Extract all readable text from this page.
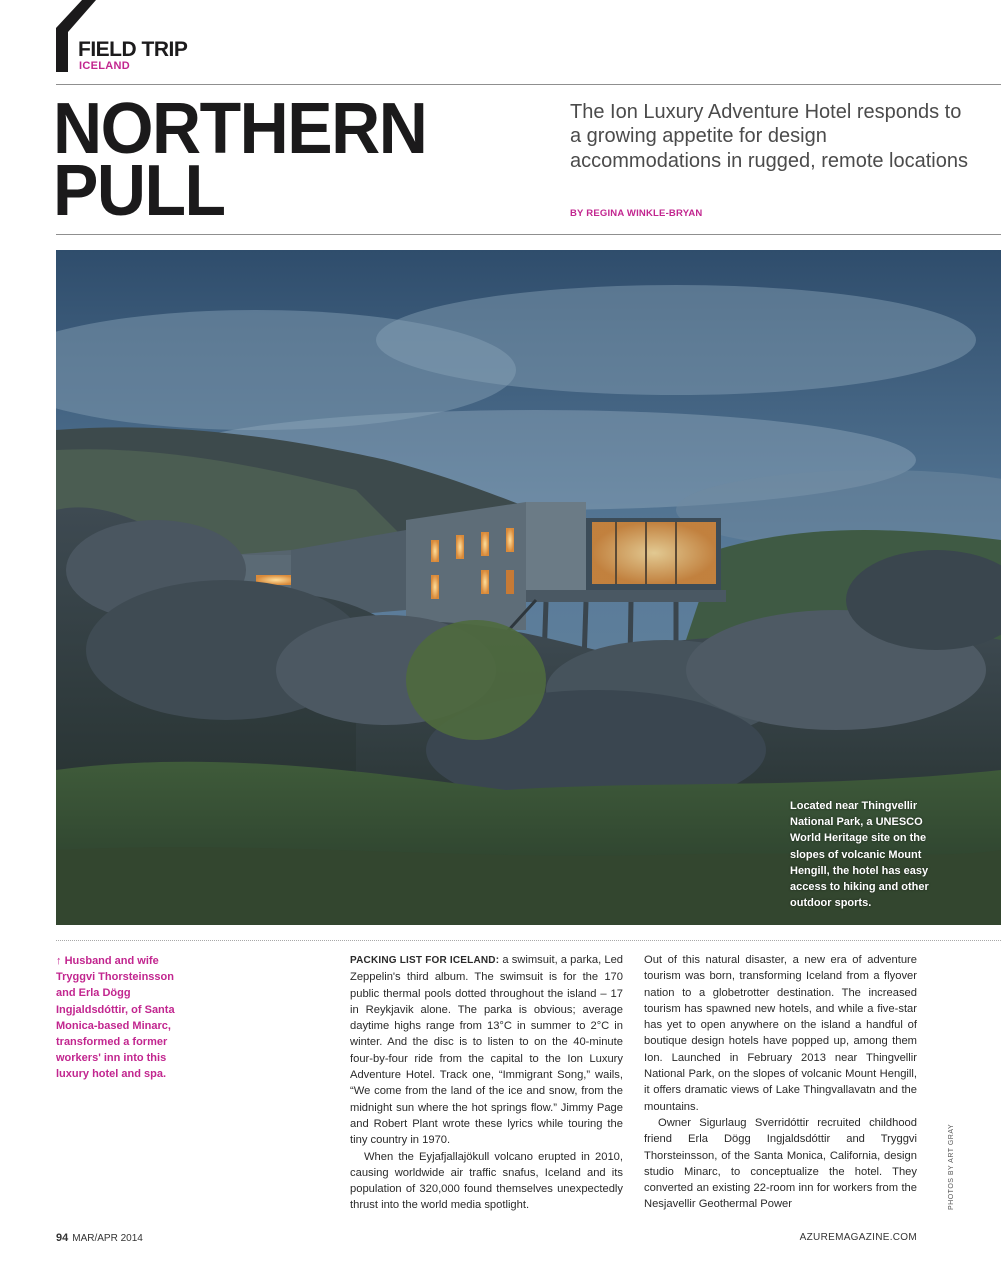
FIELD TRIP
ICELAND
NORTHERN
PULL
The Ion Luxury Adventure Hotel responds to a growing appetite for design accommodations in rugged, remote locations
BY REGINA WINKLE-BRYAN
Located near Thingvellir National Park, a UNESCO World Heritage site on the slopes of volcanic Mount Hengill, the hotel has easy access to hiking and other outdoor sports.
↑ Husband and wife Tryggvi Thorsteinsson and Erla Dögg Ingjaldsdóttir, of Santa Monica-based Minarc, transformed a former workers' inn into this luxury hotel and spa.

PACKING LIST FOR ICELAND: a swimsuit, a parka, Led Zeppelin's third album. The swimsuit is for the 170 public thermal pools dotted throughout the island – 17 in Reykjavik alone. The parka is obvious; average daytime highs range from 13°C in summer to 2°C in winter. And the disc is to listen to on the 40-minute four-by-four ride from the capital to the Ion Luxury Adventure Hotel. Track one, “Immigrant Song,” wails, “We come from the land of the ice and snow, from the midnight sun where the hot springs flow.” Jimmy Page and Robert Plant wrote these lyrics while touring the tiny country in 1970.

When the Eyjafjallajökull volcano erupted in 2010, causing worldwide air traffic snafus, Iceland and its population of 320,000 found themselves unexpectedly thrust into the world media spotlight.

Out of this natural disaster, a new era of adventure tourism was born, transforming Iceland from a flyover nation to a globetrotter destination. The increased tourism has spawned new hotels, and while a five-star has yet to open anywhere on the island a handful of boutique design hotels have popped up, among them Ion. Launched in February 2013 near Thingvellir National Park, on the slopes of volcanic Mount Hengill, it offers dramatic views of Lake Thingvallavatn and the mountains.

Owner Sigurlaug Sverridóttir recruited childhood friend Erla Dögg Ingjaldsdóttir and Tryggvi Thorsteinsson, of the Santa Monica, California, design studio Minarc, to conceptualize the hotel. They converted an existing 22-room inn for workers from the Nesjavellir Geothermal Power	PHOTOS BY ART GRAY
94 MAR/APR 2014	AZUREMAGAZINE.COM
